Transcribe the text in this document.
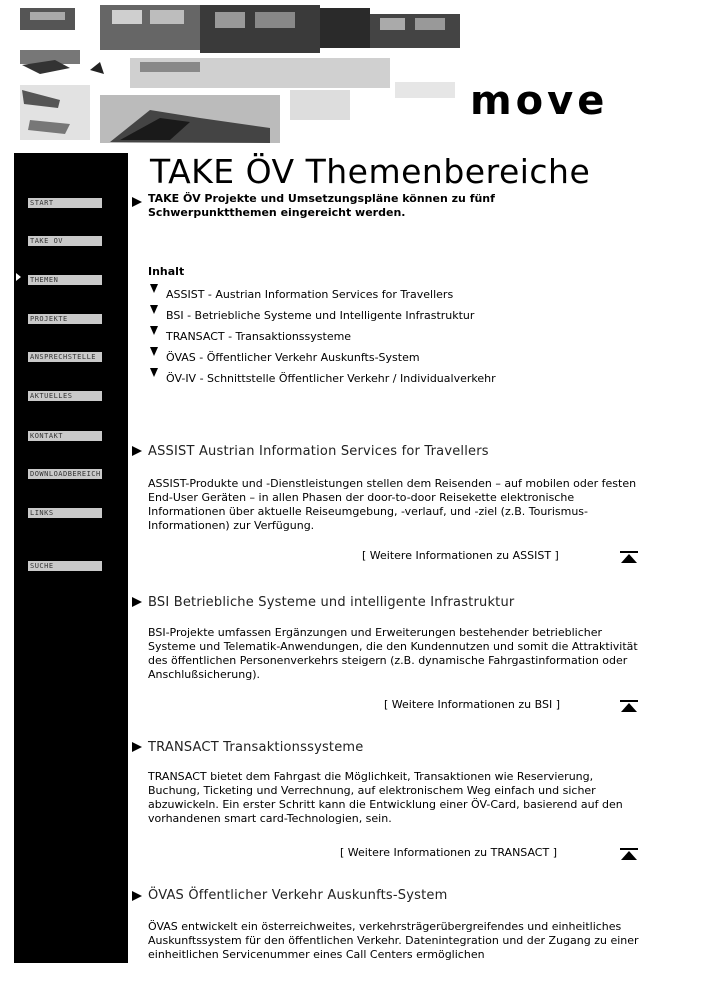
move
START
TAKE OV
THEMEN
PROJEKTE
ANSPRECHSTELLE
AKTUELLES
KONTAKT
DOWNLOADBEREICH
LINKS
SUCHE
TAKE ÖV Themenbereiche
TAKE ÖV Projekte und Umsetzungspläne können zu fünf Schwerpunktthemen eingereicht werden.
Inhalt
ASSIST - Austrian Information Services for Travellers
BSI - Betriebliche Systeme und Intelligente Infrastruktur
TRANSACT - Transaktionssysteme
ÖVAS - Öffentlicher Verkehr Auskunfts-System
ÖV-IV - Schnittstelle Öffentlicher Verkehr / Individualverkehr
ASSIST Austrian Information Services for Travellers
ASSIST-Produkte und -Dienstleistungen stellen dem Reisenden – auf mobilen oder festen End-User Geräten – in allen Phasen der door-to-door Reisekette elektronische Informationen über aktuelle Reiseumgebung, -verlauf, und -ziel (z.B. Tourismus-Informationen) zur Verfügung.
[ Weitere Informationen zu ASSIST ]
BSI Betriebliche Systeme und intelligente Infrastruktur
BSI-Projekte umfassen Ergänzungen und Erweiterungen bestehender betrieblicher Systeme und Telematik-Anwendungen, die den Kundennutzen und somit die Attraktivität des öffentlichen Personenverkehrs steigern (z.B. dynamische Fahrgastinformation oder Anschlußsicherung).
[ Weitere Informationen zu BSI ]
TRANSACT Transaktionssysteme
TRANSACT bietet dem Fahrgast die Möglichkeit, Transaktionen wie Reservierung, Buchung, Ticketing und Verrechnung, auf elektronischem Weg einfach und sicher abzuwickeln. Ein erster Schritt kann die Entwicklung einer ÖV-Card, basierend auf den vorhandenen smart card-Technologien, sein.
[ Weitere Informationen zu TRANSACT ]
ÖVAS Öffentlicher Verkehr Auskunfts-System
ÖVAS entwickelt ein österreichweites, verkehrsträgerübergreifendes und einheitliches Auskunftssystem für den öffentlichen Verkehr. Datenintegration und der Zugang zu einer einheitlichen Servicenummer eines Call Centers ermöglichen
